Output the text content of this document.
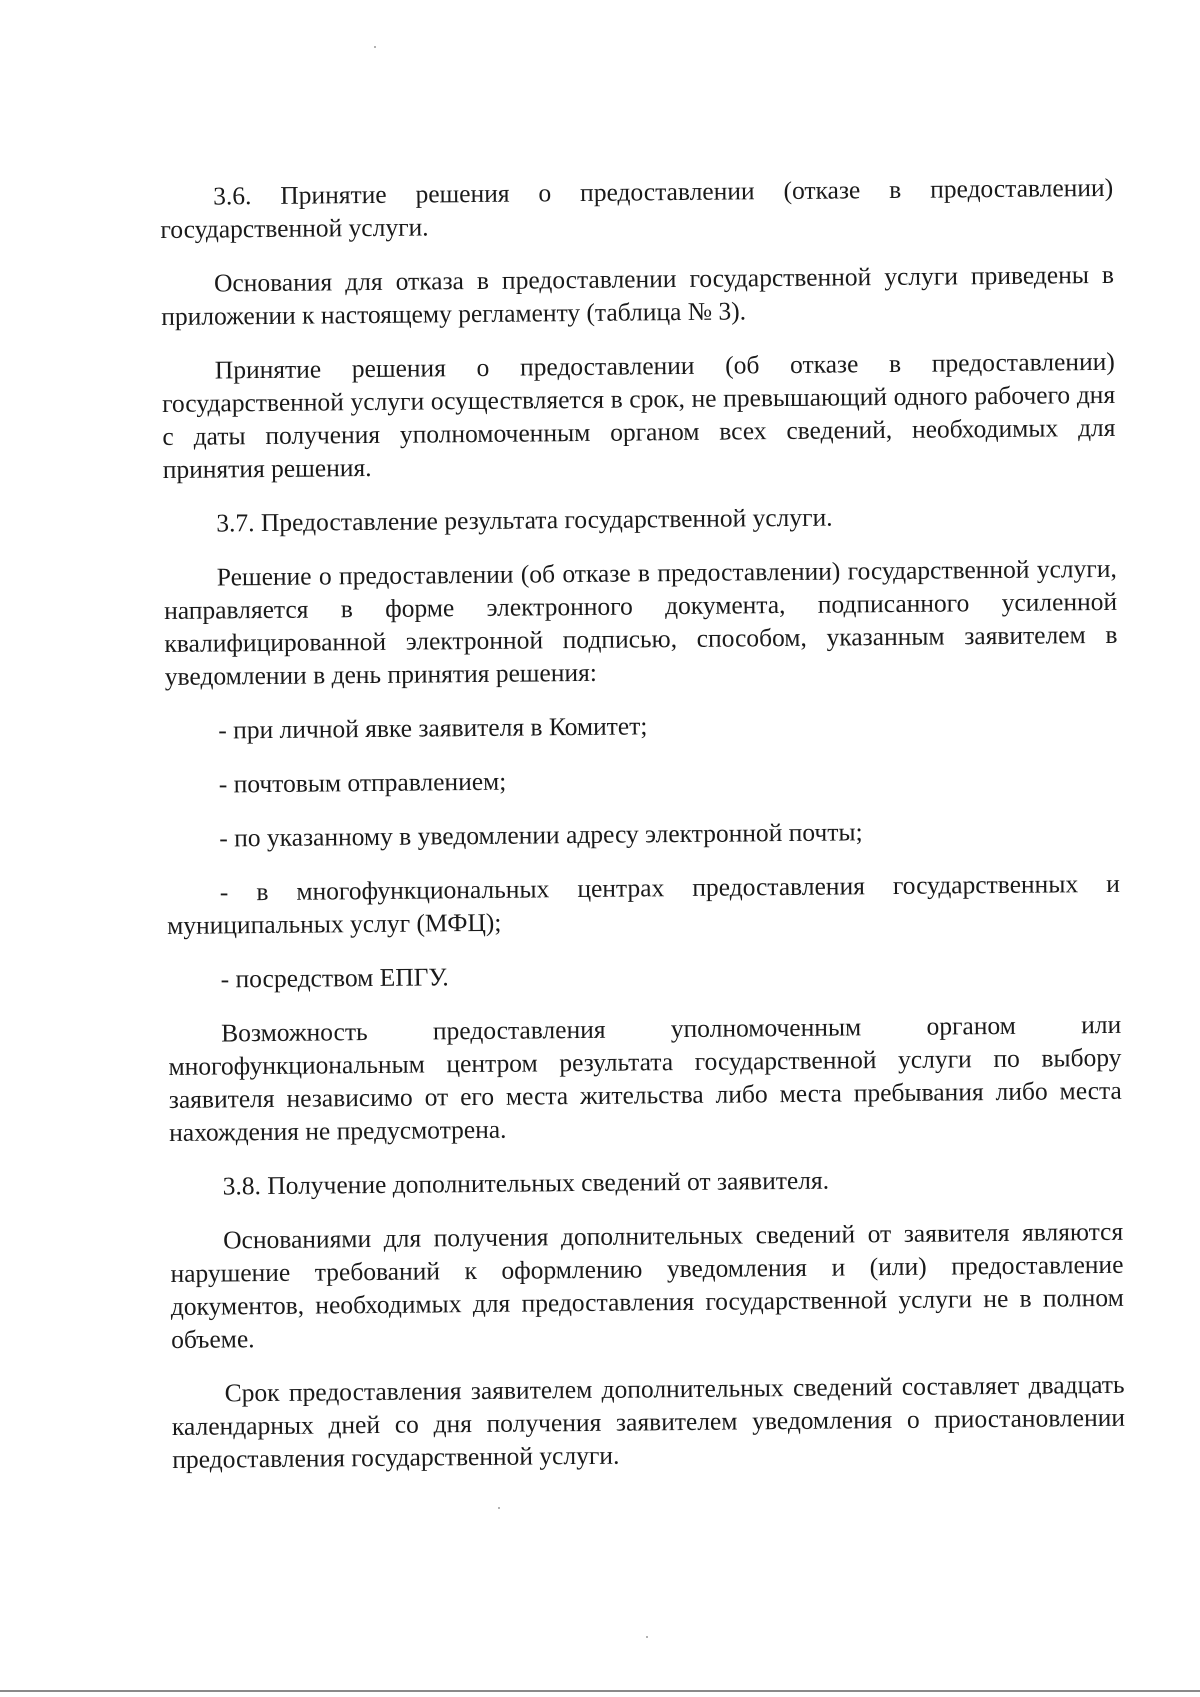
3.6. Принятие решения о предоставлении (отказе в предоставлении) государственной услуги.

Основания для отказа в предоставлении государственной услуги приведены в приложении к настоящему регламенту (таблица № 3).

Принятие решения о предоставлении (об отказе в предоставлении) государственной услуги осуществляется в срок, не превышающий одного рабочего дня с даты получения уполномоченным органом всех сведений, необходимых для принятия решения.

3.7. Предоставление результата государственной услуги.

Решение о предоставлении (об отказе в предоставлении) государственной услуги, направляется в форме электронного документа, подписанного усиленной квалифицированной электронной подписью, способом, указанным заявителем в уведомлении в день принятия решения:

- при личной явке заявителя в Комитет;

- почтовым отправлением;

- по указанному в уведомлении адресу электронной почты;

- в многофункциональных центрах предоставления государственных и муниципальных услуг (МФЦ);

- посредством ЕПГУ.

Возможность предоставления уполномоченным органом или многофункциональным центром результата государственной услуги по выбору заявителя независимо от его места жительства либо места пребывания либо места нахождения не предусмотрена.

3.8. Получение дополнительных сведений от заявителя.

Основаниями для получения дополнительных сведений от заявителя являются нарушение требований к оформлению уведомления и (или) предоставление документов, необходимых для предоставления государственной услуги не в полном объеме.

Срок предоставления заявителем дополнительных сведений составляет двадцать календарных дней со дня получения заявителем уведомления о приостановлении предоставления государственной услуги.
